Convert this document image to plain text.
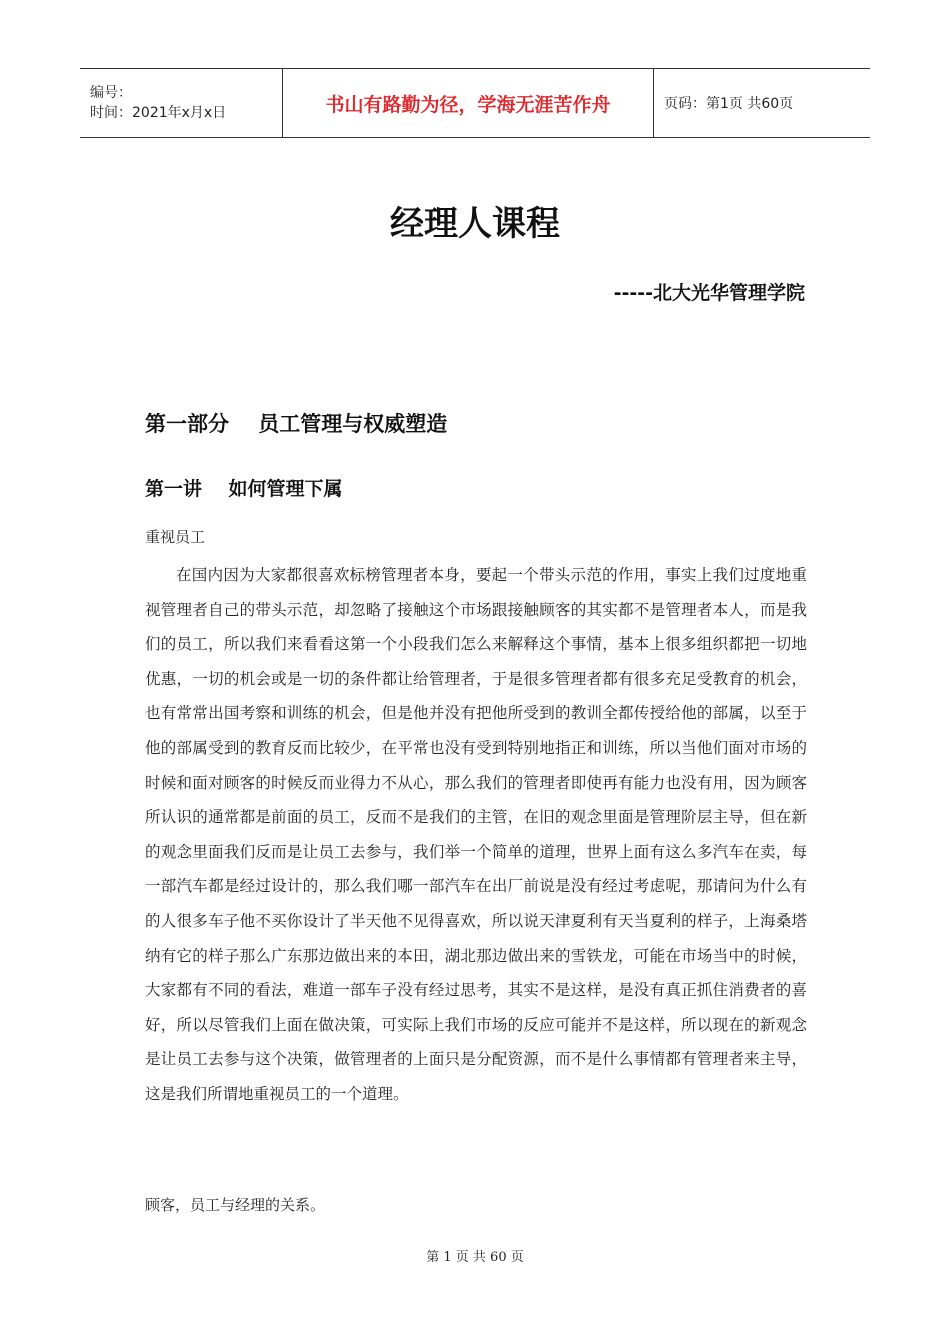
编号：
时间：2021年x月x日	书山有路勤为径，学海无涯苦作舟	页码：第1页 共60页
经理人课程
-----北大光华管理学院
第一部分    员工管理与权威塑造
第一讲    如何管理下属
重视员工

在国内因为大家都很喜欢标榜管理者本身，要起一个带头示范的作用，事实上我们过度地重视管理者自己的带头示范，却忽略了接触这个市场跟接触顾客的其实都不是管理者本人，而是我们的员工，所以我们来看看这第一个小段我们怎么来解释这个事情，基本上很多组织都把一切地优惠，一切的机会或是一切的条件都让给管理者，于是很多管理者都有很多充足受教育的机会，也有常常出国考察和训练的机会，但是他并没有把他所受到的教训全都传授给他的部属，以至于他的部属受到的教育反而比较少，在平常也没有受到特别地指正和训练，所以当他们面对市场的时候和面对顾客的时候反而业得力不从心，那么我们的管理者即使再有能力也没有用，因为顾客所认识的通常都是前面的员工，反而不是我们的主管，在旧的观念里面是管理阶层主导，但在新的观念里面我们反而是让员工去参与，我们举一个简单的道理，世界上面有这么多汽车在卖，每一部汽车都是经过设计的，那么我们哪一部汽车在出厂前说是没有经过考虑呢，那请问为什么有的人很多车子他不买你设计了半天他不见得喜欢，所以说天津夏利有天当夏利的样子，上海桑塔纳有它的样子那么广东那边做出来的本田，湖北那边做出来的雪铁龙，可能在市场当中的时候，大家都有不同的看法，难道一部车子没有经过思考，其实不是这样，是没有真正抓住消费者的喜好，所以尽管我们上面在做决策，可实际上我们市场的反应可能并不是这样，所以现在的新观念是让员工去参与这个决策，做管理者的上面只是分配资源，而不是什么事情都有管理者来主导，这是我们所谓地重视员工的一个道理。

顾客，员工与经理的关系。
第 1 页 共 60 页
